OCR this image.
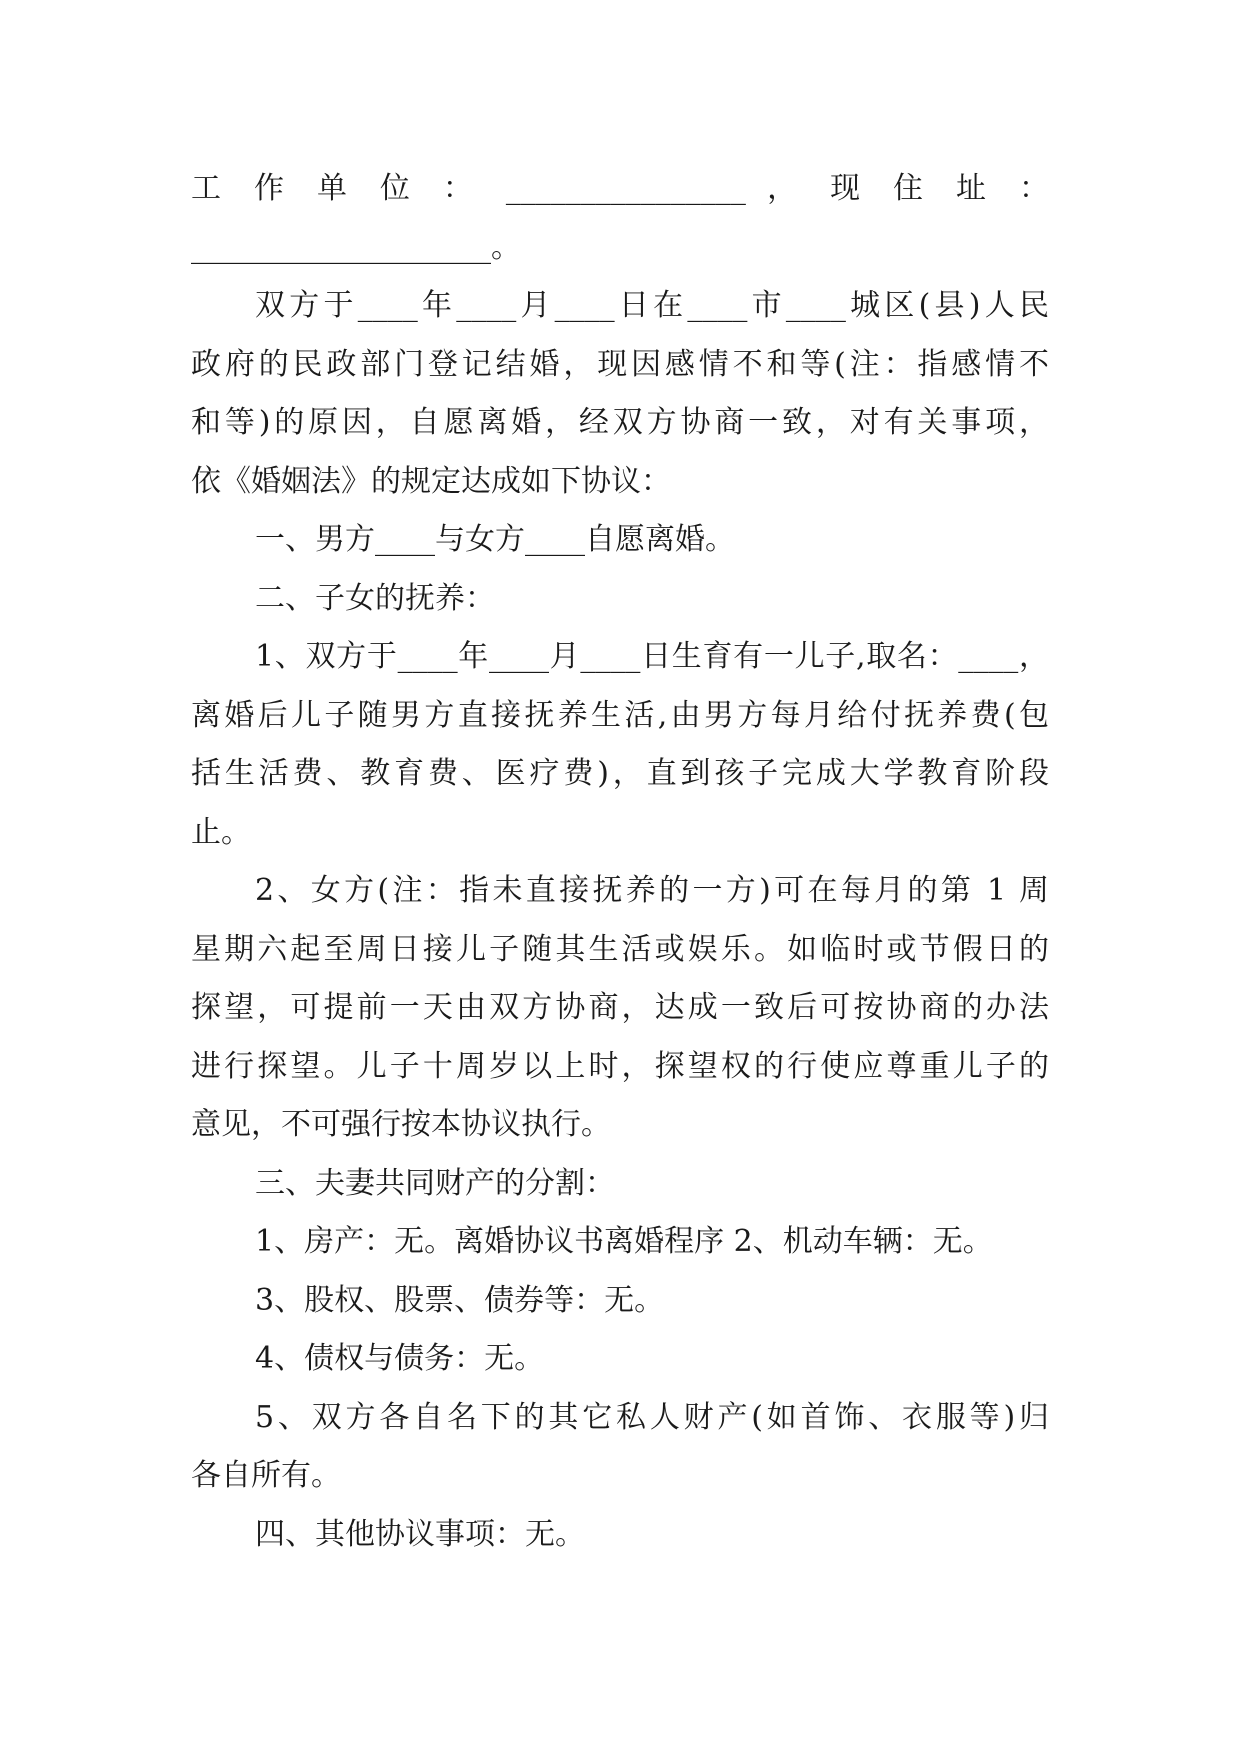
工 作 单 位 ： ________________ ， 现 住 址 ：
____________________。
双方于____年____月____日在____市____城区(县)人民
政府的民政部门登记结婚，现因感情不和等(注：指感情不
和等)的原因，自愿离婚，经双方协商一致，对有关事项，
依《婚姻法》的规定达成如下协议：
一、男方____与女方____自愿离婚。
二、子女的抚养：
1、双方于____年____月____日生育有一儿子,取名：____，
离婚后儿子随男方直接抚养生活,由男方每月给付抚养费(包
括生活费、教育费、医疗费)，直到孩子完成大学教育阶段
止。
2、女方(注：指未直接抚养的一方)可在每月的第 1 周
星期六起至周日接儿子随其生活或娱乐。如临时或节假日的
探望，可提前一天由双方协商，达成一致后可按协商的办法
进行探望。儿子十周岁以上时，探望权的行使应尊重儿子的
意见，不可强行按本协议执行。
三、夫妻共同财产的分割：
1、房产：无。离婚协议书离婚程序 2、机动车辆：无。
3、股权、股票、债券等：无。
4、债权与债务：无。
5、双方各自名下的其它私人财产(如首饰、衣服等)归
各自所有。
四、其他协议事项：无。
